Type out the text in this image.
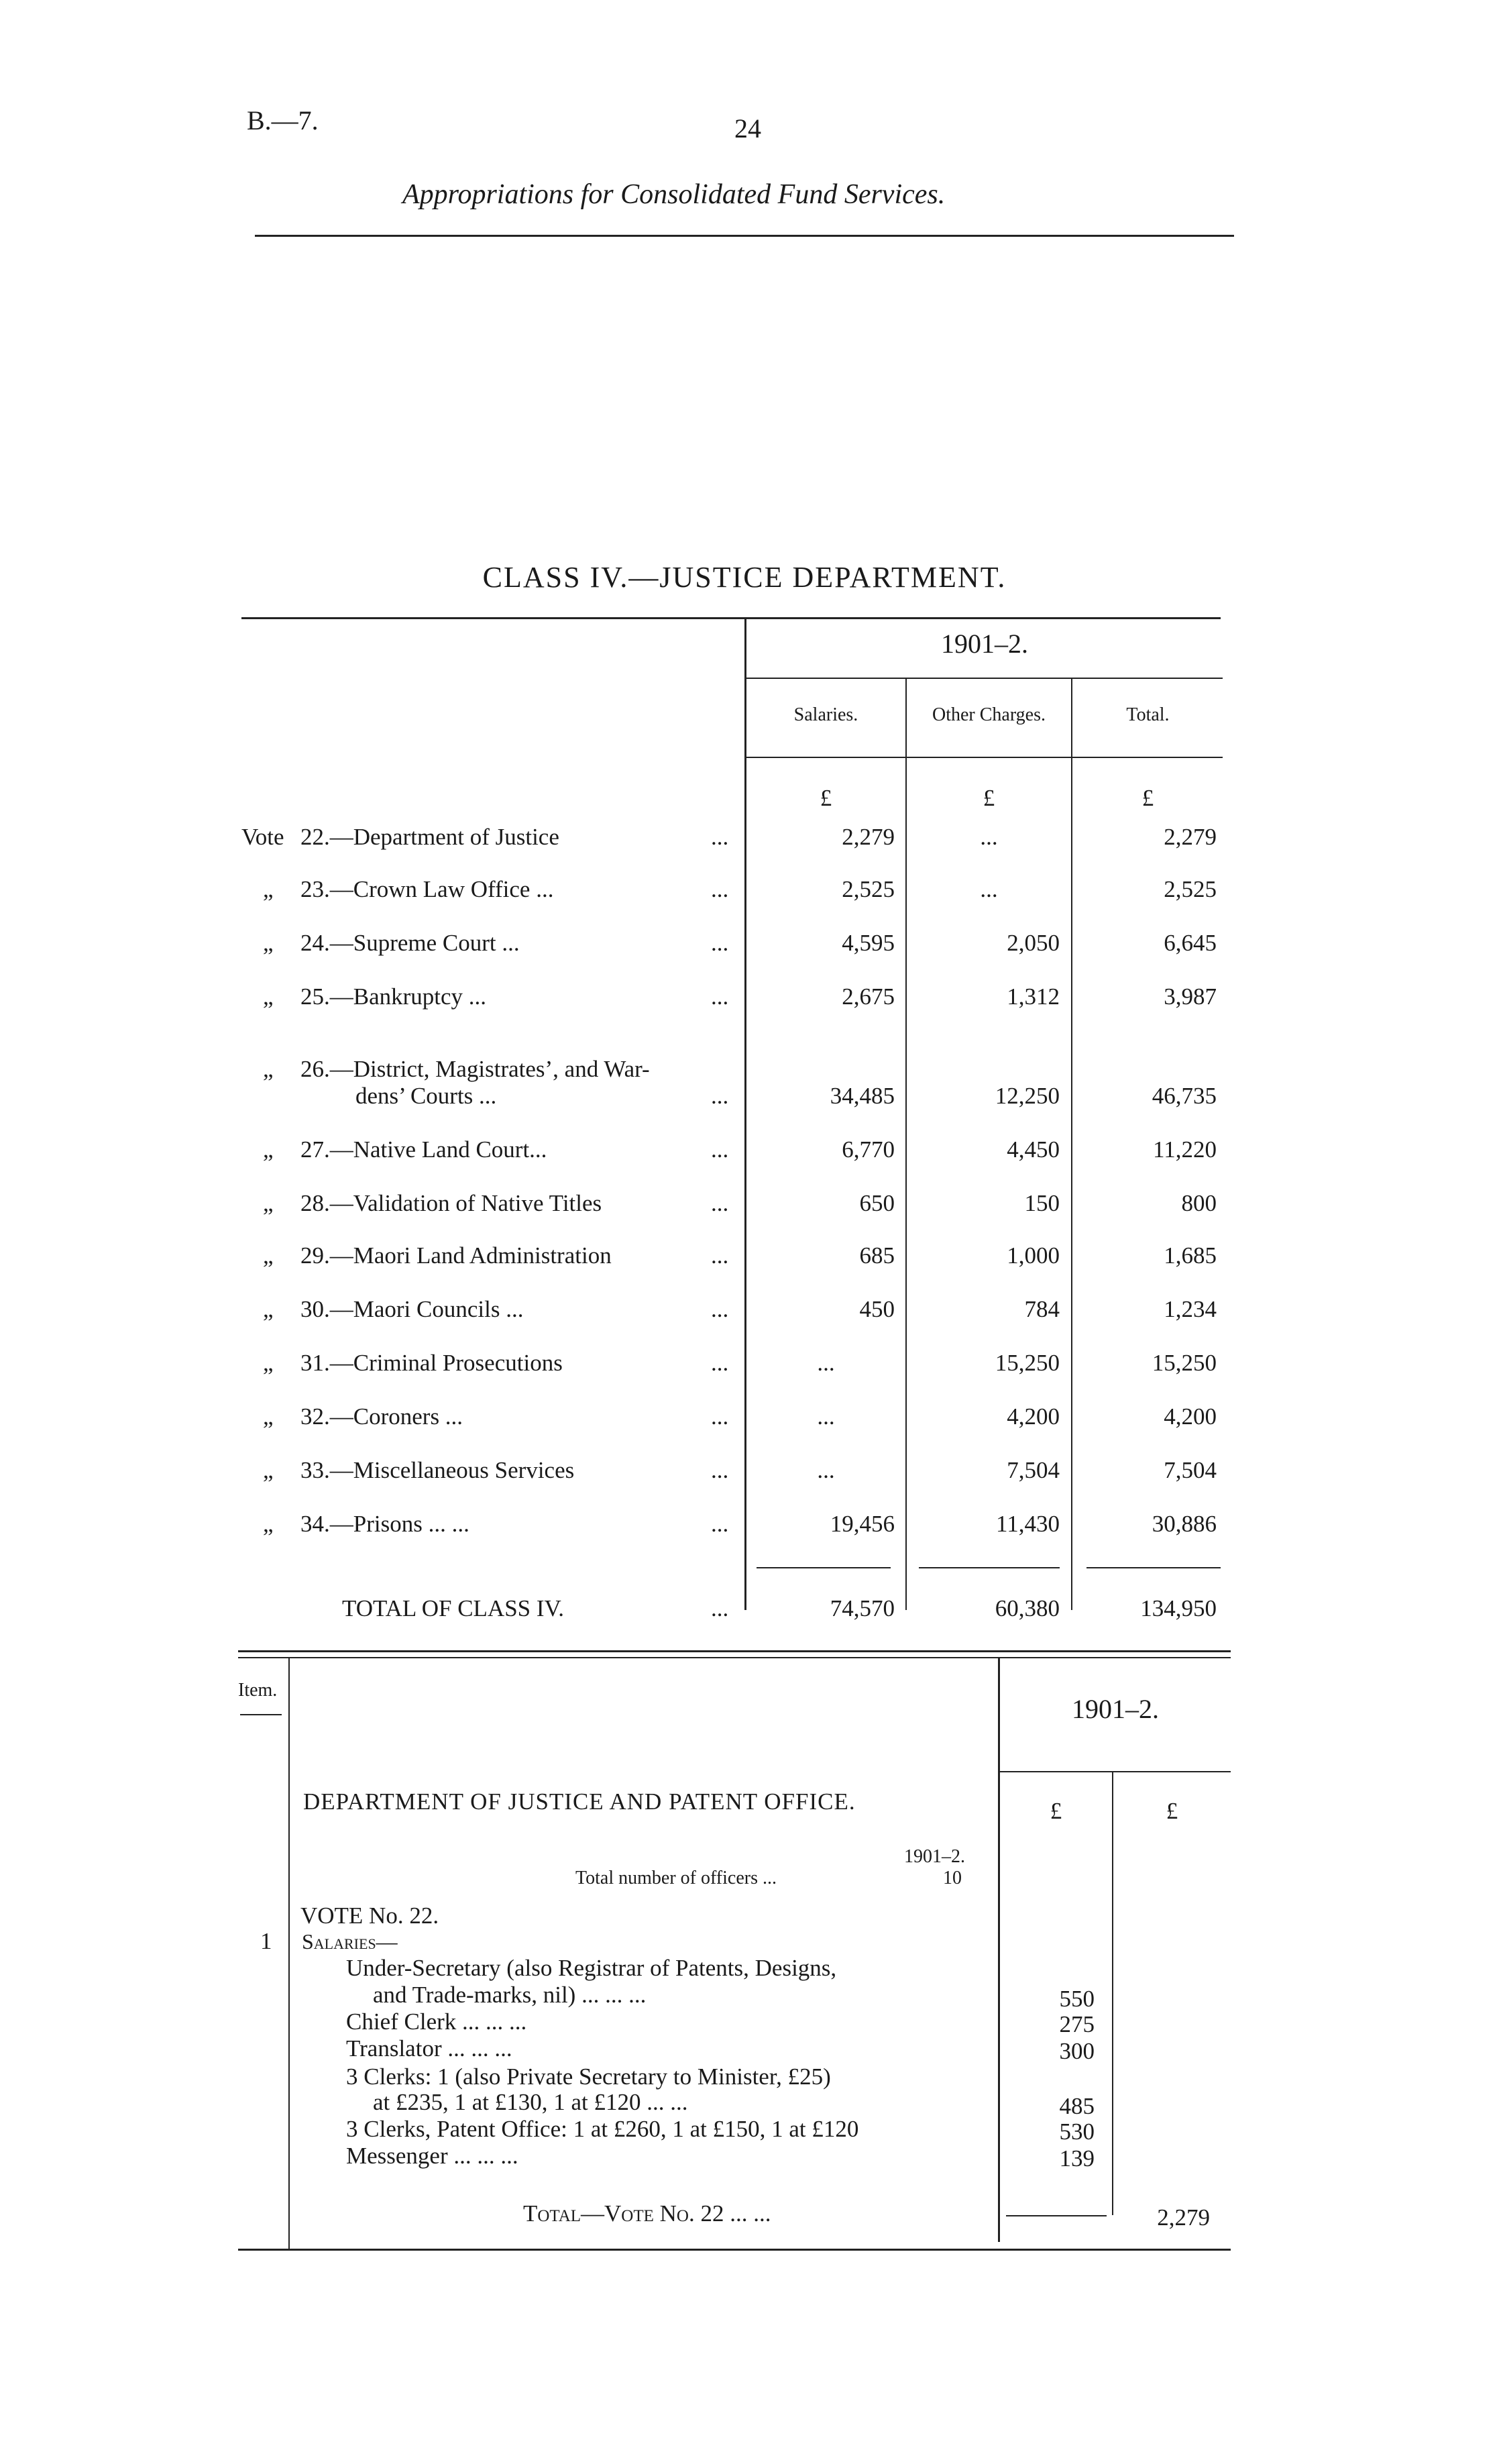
B.—7.	24
Appropriations for Consolidated Fund Services.
CLASS IV.—JUSTICE DEPARTMENT.
1901–2.
Salaries.	Other Charges.	Total.
£	£	£
Vote 22.—Department of Justice	...	2,279	...	2,279
„ 23.—Crown Law Office ...	...	2,525	...	2,525
„ 24.—Supreme Court ...	...	4,595	2,050	6,645
„ 25.—Bankruptcy ...	...	2,675	1,312	3,987
„ 26.—District, Magistrates’, and War-
dens’ Courts ...	...	34,485	12,250	46,735
„ 27.—Native Land Court...	...	6,770	4,450	11,220
„ 28.—Validation of Native Titles	...	650	150	800
„ 29.—Maori Land Administration	...	685	1,000	1,685
„ 30.—Maori Councils ...	...	450	784	1,234
„ 31.—Criminal Prosecutions	...	...	15,250	15,250
„ 32.—Coroners ...	...	...	4,200	4,200
„ 33.—Miscellaneous Services	...	...	7,504	7,504
„ 34.—Prisons ... ...	...	19,456	11,430	30,886
TOTAL OF CLASS IV.	...	74,570	60,380	134,950
Item.
1901–2.
£	£
DEPARTMENT OF JUSTICE AND PATENT OFFICE.
1901–2.
Total number of officers ...	10
VOTE No. 22.
1 Salaries—
Under-Secretary (also Registrar of Patents, Designs,
and Trade-marks, nil) ... ... ...	550
Chief Clerk ... ... ...	275
Translator ... ... ...	300
3 Clerks: 1 (also Private Secretary to Minister, £25)
at £235, 1 at £130, 1 at £120 ... ...	485
3 Clerks, Patent Office: 1 at £260, 1 at £150, 1 at £120	530
Messenger ... ... ...	139
Total—Vote No. 22 ... ...	2,279
